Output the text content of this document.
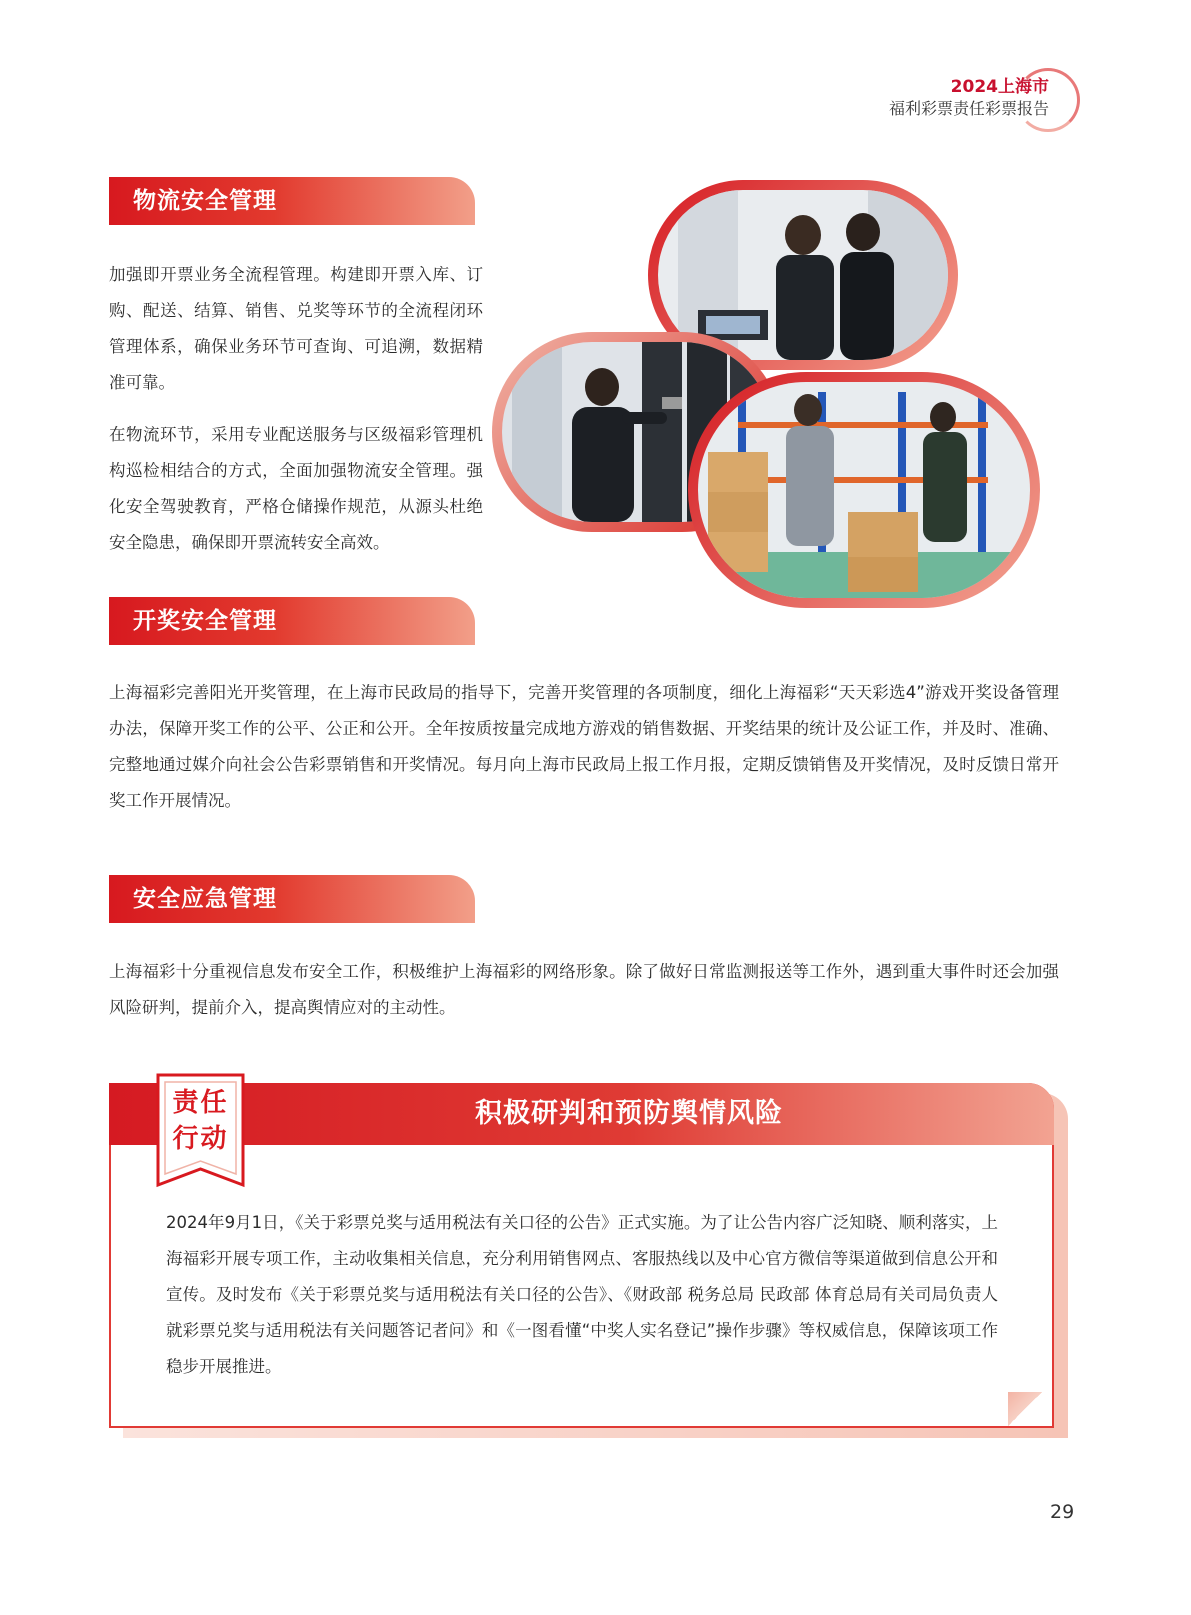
2024上海市
福利彩票责任彩票报告
物流安全管理

加强即开票业务全流程管理。构建即开票入库、订购、配送、结算、销售、兑奖等环节的全流程闭环管理体系，确保业务环节可查询、可追溯，数据精准可靠。

在物流环节，采用专业配送服务与区级福彩管理机构巡检相结合的方式，全面加强物流安全管理。强化安全驾驶教育，严格仓储操作规范，从源头杜绝安全隐患，确保即开票流转安全高效。

开奖安全管理

上海福彩完善阳光开奖管理，在上海市民政局的指导下，完善开奖管理的各项制度，细化上海福彩“天天彩选4”游戏开奖设备管理办法，保障开奖工作的公平、公正和公开。全年按质按量完成地方游戏的销售数据、开奖结果的统计及公证工作，并及时、准确、完整地通过媒介向社会公告彩票销售和开奖情况。每月向上海市民政局上报工作月报，定期反馈销售及开奖情况，及时反馈日常开奖工作开展情况。

安全应急管理

上海福彩十分重视信息发布安全工作，积极维护上海福彩的网络形象。除了做好日常监测报送等工作外，遇到重大事件时还会加强风险研判，提前介入，提高舆情应对的主动性。

积极研判和预防舆情风险
责任
行动

2024年9月1日，《关于彩票兑奖与适用税法有关口径的公告》正式实施。为了让公告内容广泛知晓、顺利落实，上海福彩开展专项工作，主动收集相关信息，充分利用销售网点、客服热线以及中心官方微信等渠道做到信息公开和宣传。及时发布《关于彩票兑奖与适用税法有关口径的公告》、《财政部 税务总局 民政部 体育总局有关司局负责人就彩票兑奖与适用税法有关问题答记者问》和《一图看懂“中奖人实名登记”操作步骤》等权威信息，保障该项工作稳步开展推进。

29
